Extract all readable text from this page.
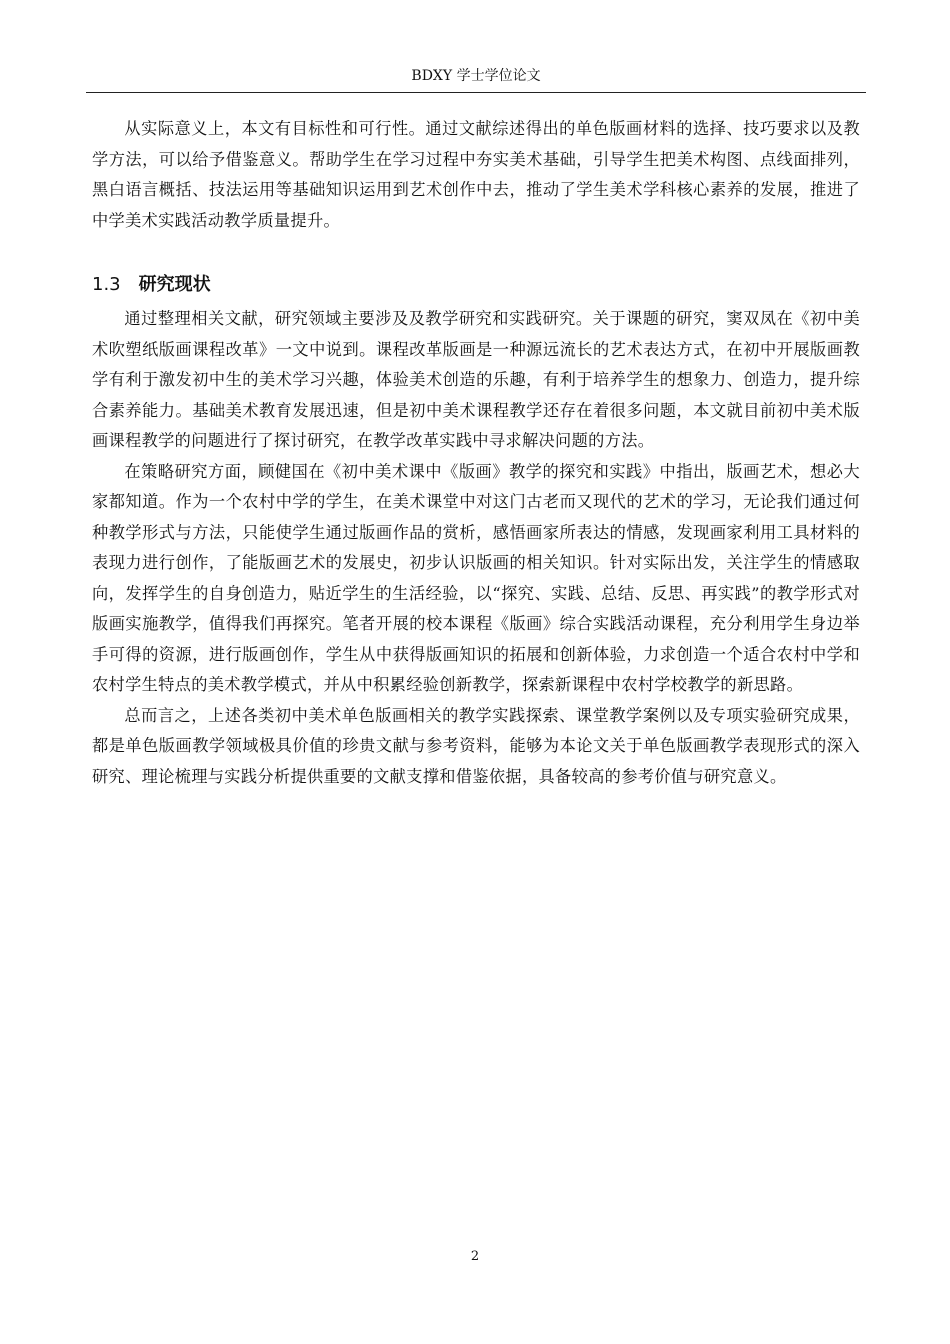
BDXY 学士学位论文

从实际意义上，本文有目标性和可行性。通过文献综述得出的单色版画材料的选择、技巧要求以及教学方法，可以给予借鉴意义。帮助学生在学习过程中夯实美术基础，引导学生把美术构图、点线面排列，黑白语言概括、技法运用等基础知识运用到艺术创作中去，推动了学生美术学科核心素养的发展，推进了中学美术实践活动教学质量提升。

1.3 研究现状

通过整理相关文献，研究领域主要涉及及教学研究和实践研究。关于课题的研究，窦双凤在《初中美术吹塑纸版画课程改革》一文中说到。课程改革版画是一种源远流长的艺术表达方式，在初中开展版画教学有利于激发初中生的美术学习兴趣，体验美术创造的乐趣，有利于培养学生的想象力、创造力，提升综合素养能力。基础美术教育发展迅速，但是初中美术课程教学还存在着很多问题，本文就目前初中美术版画课程教学的问题进行了探讨研究，在教学改革实践中寻求解决问题的方法。

在策略研究方面，顾健国在《初中美术课中《版画》教学的探究和实践》中指出，版画艺术，想必大家都知道。作为一个农村中学的学生，在美术课堂中对这门古老而又现代的艺术的学习，无论我们通过何种教学形式与方法，只能使学生通过版画作品的赏析，感悟画家所表达的情感，发现画家利用工具材料的表现力进行创作，了能版画艺术的发展史，初步认识版画的相关知识。针对实际出发，关注学生的情感取向，发挥学生的自身创造力，贴近学生的生活经验，以“探究、实践、总结、反思、再实践”的教学形式对版画实施教学，值得我们再探究。笔者开展的校本课程《版画》综合实践活动课程，充分利用学生身边举手可得的资源，进行版画创作，学生从中获得版画知识的拓展和创新体验，力求创造一个适合农村中学和农村学生特点的美术教学模式，并从中积累经验创新教学，探索新课程中农村学校教学的新思路。

总而言之，上述各类初中美术单色版画相关的教学实践探索、课堂教学案例以及专项实验研究成果，都是单色版画教学领域极具价值的珍贵文献与参考资料，能够为本论文关于单色版画教学表现形式的深入研究、理论梳理与实践分析提供重要的文献支撑和借鉴依据，具备较高的参考价值与研究意义。

2
